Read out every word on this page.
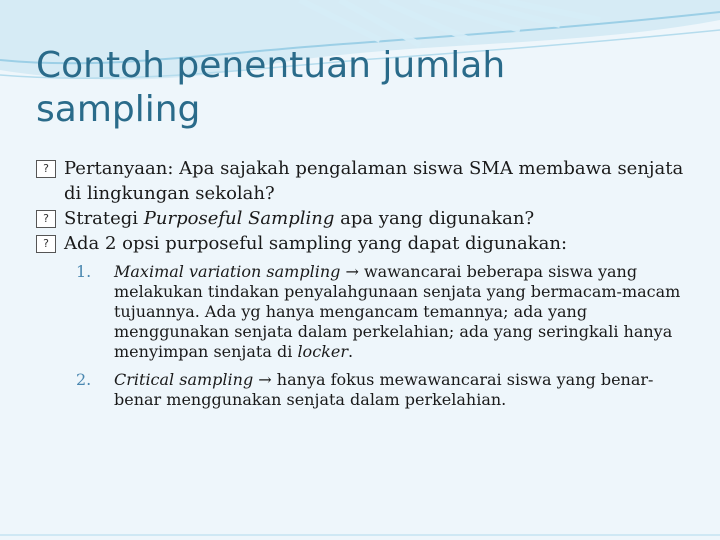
Contoh penentuan jumlah sampling

? Pertanyaan: Apa sajakah pengalaman siswa SMA membawa senjata di lingkungan sekolah?

? Strategi Purposeful Sampling apa yang digunakan?

? Ada 2 opsi purposeful sampling yang dapat digunakan:

1. Maximal variation sampling → wawancarai beberapa siswa yang melakukan tindakan penyalahgunaan senjata yang bermacam-macam tujuannya. Ada yg hanya mengancam temannya; ada yang menggunakan senjata dalam perkelahian; ada yang seringkali hanya menyimpan senjata di locker.
2. Critical sampling → hanya fokus mewawancarai siswa yang benar-benar menggunakan senjata dalam perkelahian.
